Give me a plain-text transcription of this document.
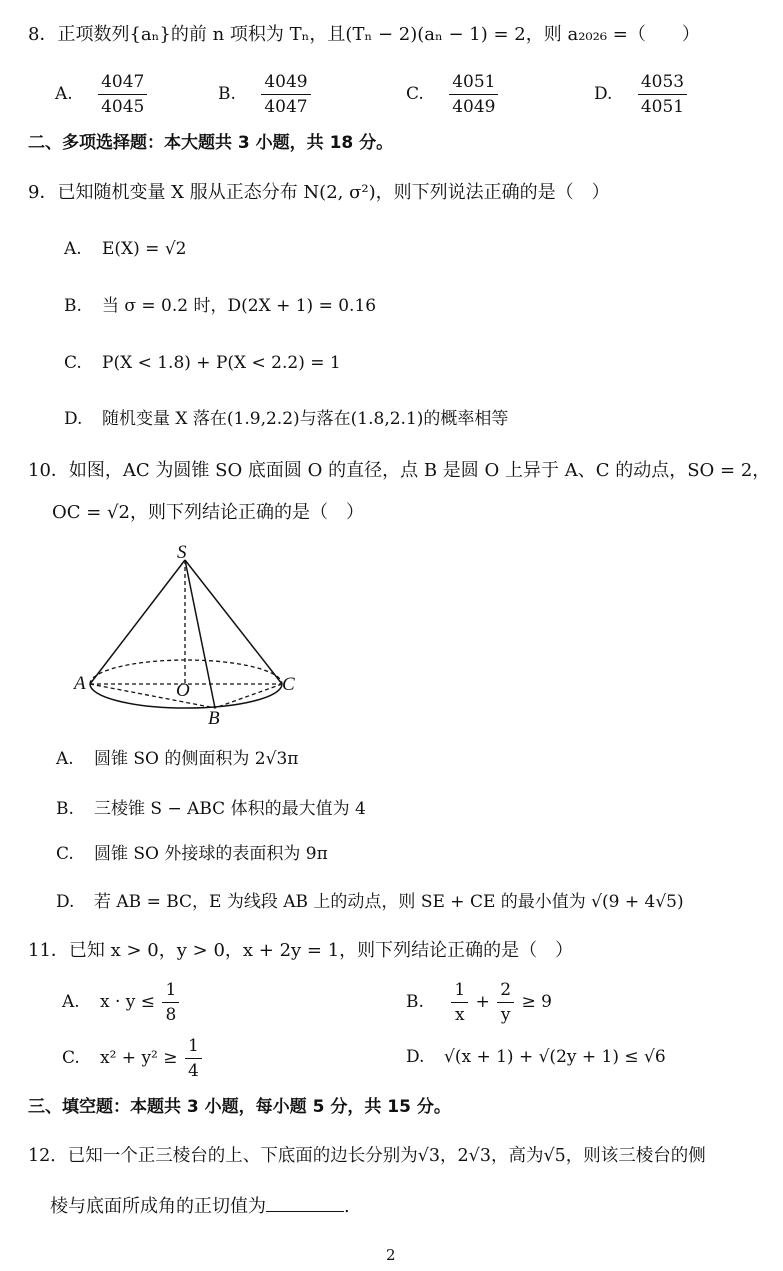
8．正项数列{aₙ}的前 n 项积为 Tₙ，且(Tₙ − 2)(aₙ − 1) = 2，则 a₂₀₂₆ =（　　）
A. $\frac{4047}{4045}$	B. $\frac{4049}{4047}$	C. $\frac{4051}{4049}$	D. $\frac{4053}{4051}$
二、多项选择题：本大题共 3 小题，共 18 分。
9．已知随机变量 X 服从正态分布 N(2, σ²)，则下列说法正确的是（　）
A. E(X) = √2
B. 当 σ = 0.2 时，D(2X + 1) = 0.16
C. P(X < 1.8) + P(X < 2.2) = 1
D. 随机变量 X 落在(1.9,2.2)与落在(1.8,2.1)的概率相等
10．如图，AC 为圆锥 SO 底面圆 O 的直径，点 B 是圆 O 上异于 A、C 的动点，SO = 2，
OC = √2，则下列结论正确的是（　）
S
A	O	C
B
A. 圆锥 SO 的侧面积为 2√3π
B. 三棱锥 S − ABC 体积的最大值为 4
C. 圆锥 SO 外接球的表面积为 9π
D. 若 AB = BC，E 为线段 AB 上的动点，则 SE + CE 的最小值为 √(9 + 4√5)
11．已知 x > 0，y > 0，x + 2y = 1，则下列结论正确的是（　）
A. $x \cdot y \le \frac{1}{8}$	B. $\frac{1}{x} + \frac{2}{y} \ge 9$
C. $x^2 + y^2 \ge \frac{1}{4}$	D. √(x + 1) + √(2y + 1) ≤ √6
三、填空题：本题共 3 小题，每小题 5 分，共 15 分。
12．已知一个正三棱台的上、下底面的边长分别为√3，2√3，高为√5，则该三棱台的侧
棱与底面所成角的正切值为	.
2
